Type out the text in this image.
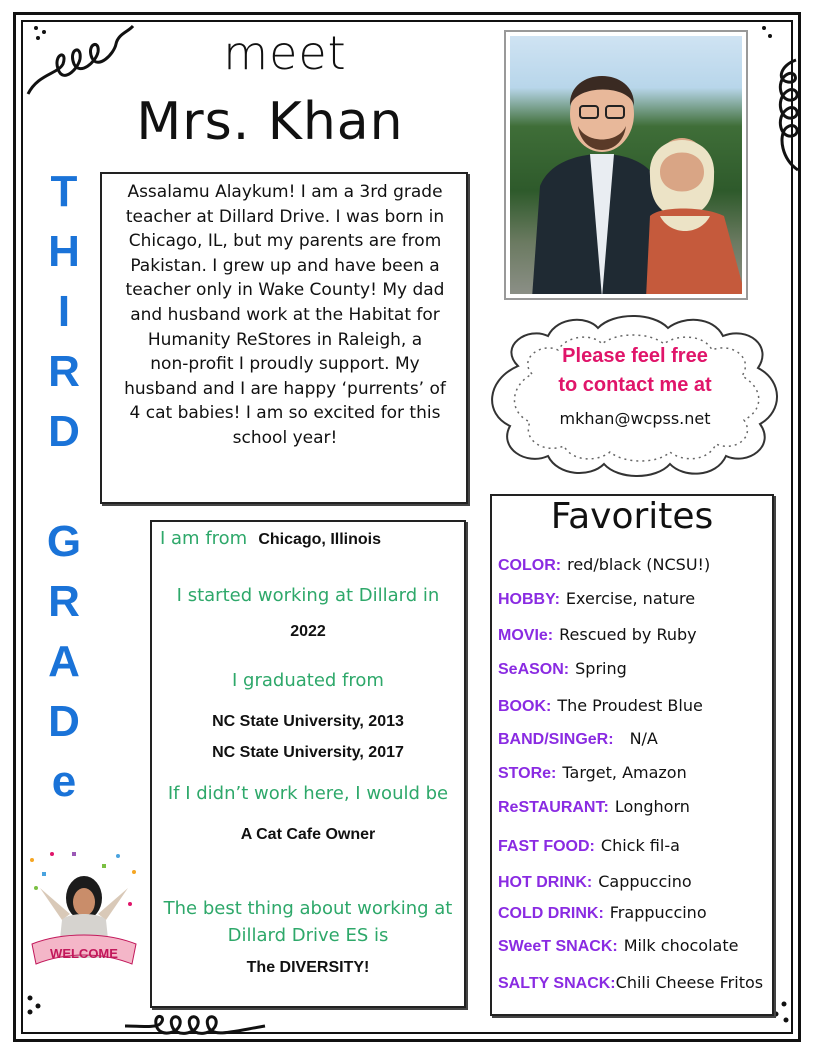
meet
Mrs. Khan
T
H
I
R
D
G
R
A
D
e
Assalamu Alaykum! I am a 3rd grade
teacher at Dillard Drive. I was born in
Chicago, IL, but my parents are from
Pakistan. I grew up and have been a
teacher only in Wake County! My dad
and husband work at the Habitat for
Humanity ReStores in Raleigh, a
non-profit I proudly support. My
husband and I are happy ‘purrents’ of
4 cat babies! I am so excited for this
school year!
Please feel free
to contact me at
mkhan@wcpss.net
I am from Chicago, Illinois
I started working at Dillard in
2022
I graduated from
NC State University, 2013
NC State University, 2017
If I didn’t work here, I would be
A Cat Cafe Owner
The best thing about working at
Dillard Drive ES is
The DIVERSITY!
Favorites
COLOR: red/black (NCSU!)
HOBBY: Exercise, nature
MOVIe: Rescued by Ruby
SeASON: Spring
BOOK: The Proudest Blue
BAND/SINGeR: N/A
STORe: Target, Amazon
ReSTAURANT: Longhorn
FAST FOOD: Chick fil-a
HOT DRINK: Cappuccino
COLD DRINK: Frappuccino
SWeeT SNACK: Milk chocolate
SALTY SNACK:Chili Cheese Fritos
WELCOME
